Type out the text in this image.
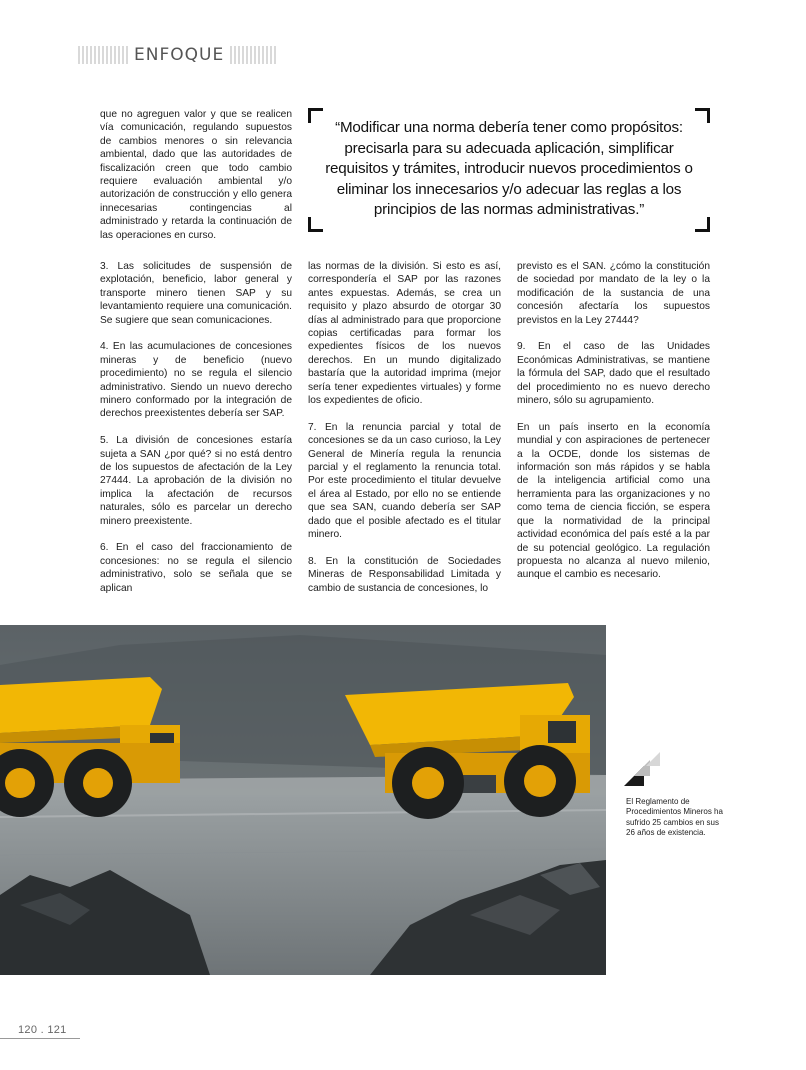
ENFOQUE

que no agreguen valor y que se realicen vía comunicación, regulando supuestos de cambios menores o sin relevancia ambiental, dado que las autoridades de fiscalización creen que todo cambio requiere evaluación ambiental y/o autorización de construcción y ello genera innecesarias contingencias al administrado y retarda la continuación de las operaciones en curso.

“Modificar una norma debería tener como propósitos: precisarla para su adecuada aplicación, simplificar requisitos y trámites, introducir nuevos procedimientos o eliminar los innecesarios y/o adecuar las reglas a los principios de las normas administrativas.”

3. Las solicitudes de suspensión de explotación, beneficio, labor general y transporte minero tienen SAP y su levantamiento requiere una comunicación. Se sugiere que sean comunicaciones.

4. En las acumulaciones de concesiones mineras y de beneficio (nuevo procedimiento) no se regula el silencio administrativo. Siendo un nuevo derecho minero conformado por la integración de derechos preexistentes debería ser SAP.

5. La división de concesiones estaría sujeta a SAN ¿por qué? si no está dentro de los supuestos de afectación de la Ley 27444. La aprobación de la división no implica la afectación de recursos naturales, sólo es parcelar un derecho minero preexistente.

6. En el caso del fraccionamiento de concesiones: no se regula el silencio administrativo, solo se señala que se aplican

las normas de la división. Si esto es así, correspondería el SAP por las razones antes expuestas. Además, se crea un requisito y plazo absurdo de otorgar 30 días al administrado para que proporcione copias certificadas para formar los expedientes físicos de los nuevos derechos. En un mundo digitalizado bastaría que la autoridad imprima (mejor sería tener expedientes virtuales) y forme los expedientes de oficio.

7. En la renuncia parcial y total de concesiones se da un caso curioso, la Ley General de Minería regula la renuncia parcial y el reglamento la renuncia total. Por este procedimiento el titular devuelve el área al Estado, por ello no se entiende que sea SAN, cuando debería ser SAP dado que el posible afectado es el titular minero.

8. En la constitución de Sociedades Mineras de Responsabilidad Limitada y cambio de sustancia de concesiones, lo

previsto es el SAN. ¿cómo la constitución de sociedad por mandato de la ley o la modificación de la sustancia de una concesión afectaría los supuestos previstos en la Ley 27444?

9. En el caso de las Unidades Económicas Administrativas, se mantiene la fórmula del SAP, dado que el resultado del procedimiento no es nuevo derecho minero, sólo su agrupamiento.

En un país inserto en la economía mundial y con aspiraciones de pertenecer a la OCDE, donde los sistemas de información son más rápidos y se habla de la inteligencia artificial como una herramienta para las organizaciones y no como tema de ciencia ficción, se espera que la normatividad de la principal actividad económica del país esté a la par de su potencial geológico. La regulación propuesta no alcanza al nuevo milenio, aunque el cambio es necesario.

El Reglamento de Procedimientos Mineros ha sufrido 25 cambios en sus 26 años de existencia.
120 . 121
